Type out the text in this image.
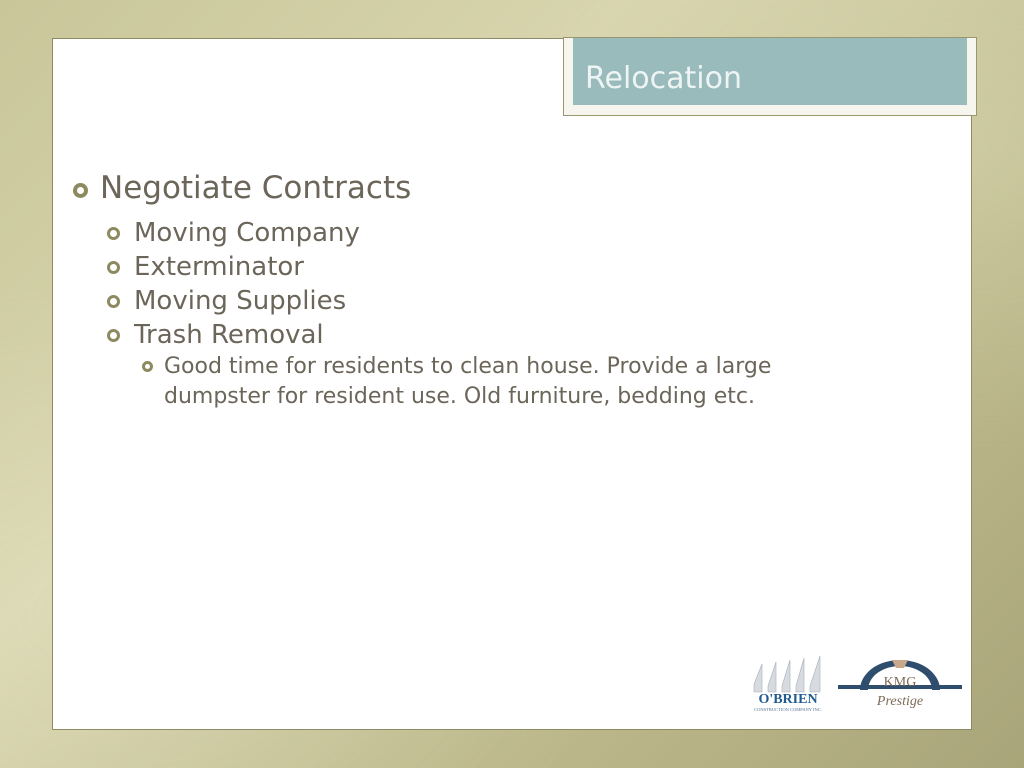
Relocation
Negotiate Contracts
Moving Company
Exterminator
Moving Supplies
Trash Removal
Good time for residents to clean house. Provide a large dumpster for resident use. Old furniture, bedding etc.
O'BRIEN
CONSTRUCTION COMPANY INC.
KMG
Prestige
